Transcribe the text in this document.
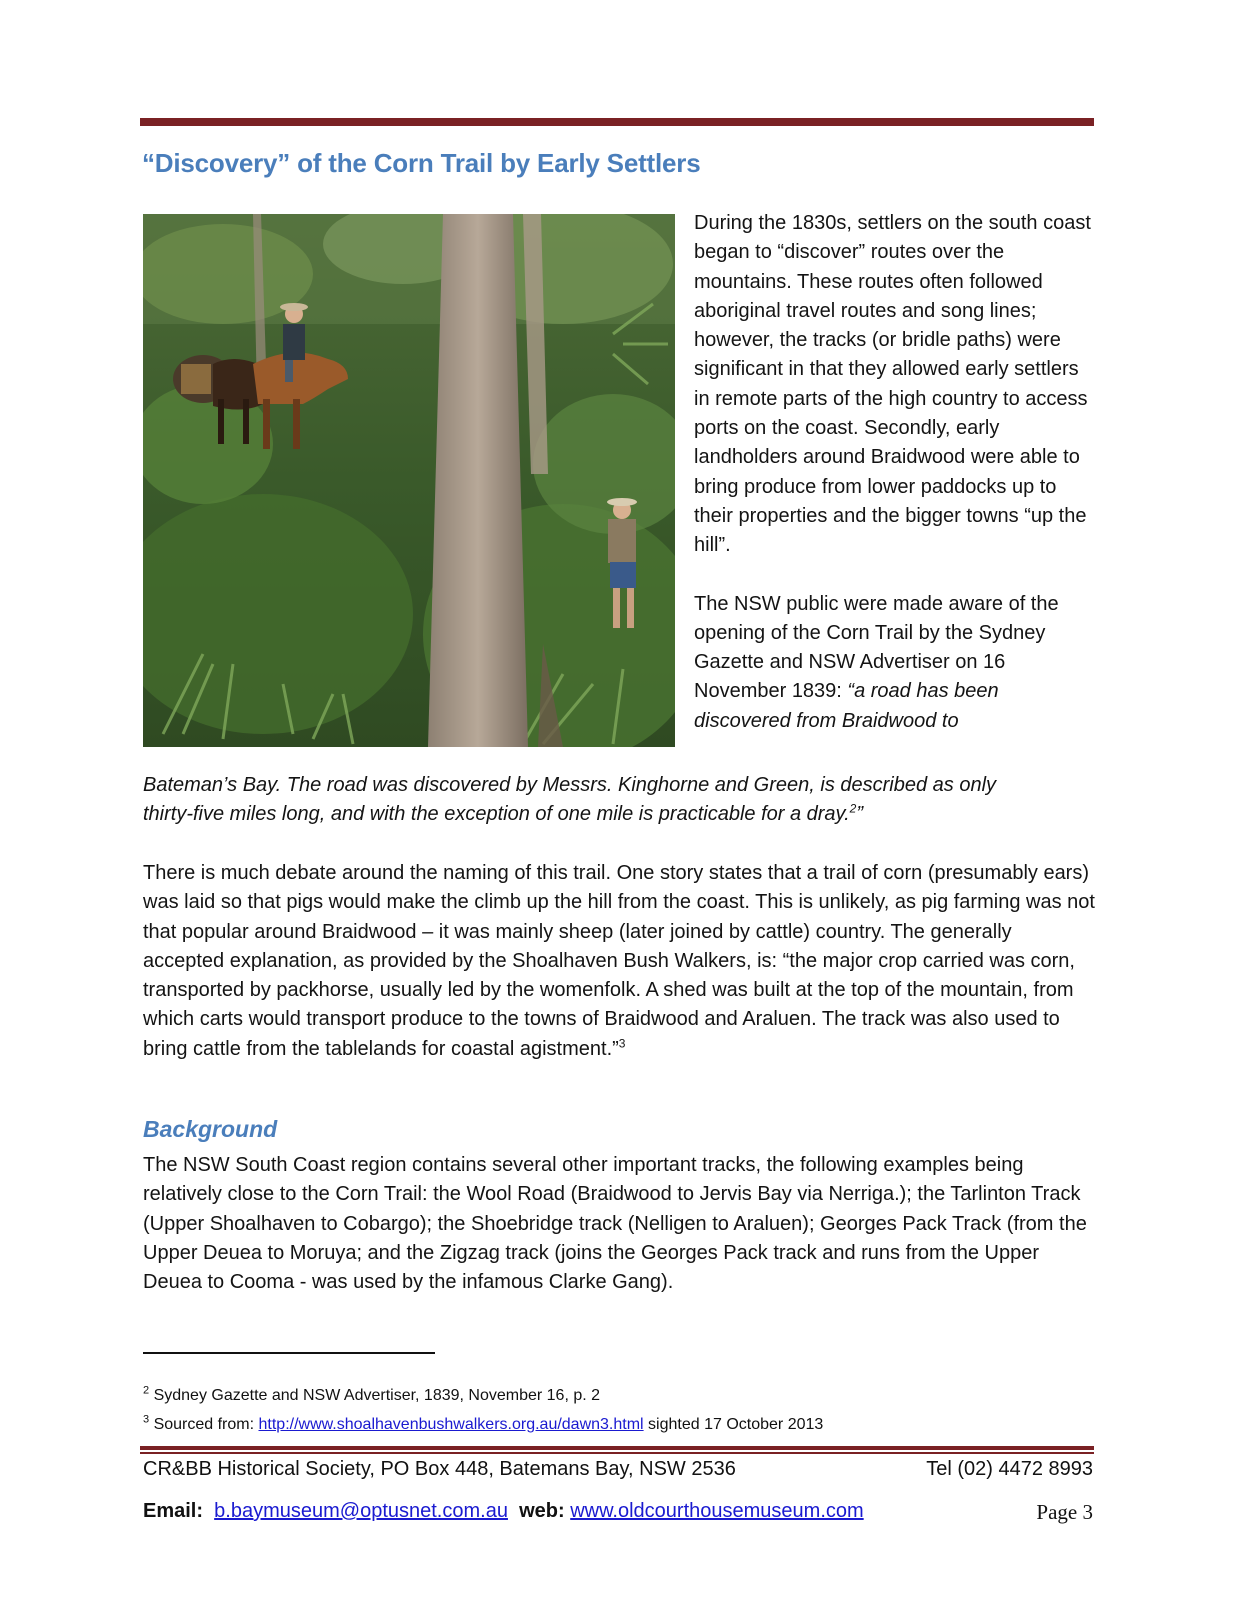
“Discovery” of the Corn Trail by Early Settlers

During the 1830s, settlers on the south coast began to “discover” routes over the mountains. These routes often followed aboriginal travel routes and song lines; however, the tracks (or bridle paths) were significant in that they allowed early settlers in remote parts of the high country to access ports on the coast. Secondly, early landholders around Braidwood were able to bring produce from lower paddocks up to their properties and the bigger towns “up the hill”.

The NSW public were made aware of the opening of the Corn Trail by the Sydney Gazette and NSW Advertiser on 16 November 1839: “a road has been discovered from Braidwood to

Bateman’s Bay. The road was discovered by Messrs. Kinghorne and Green, is described as only
thirty-five miles long, and with the exception of one mile is practicable for a dray.$^2$”

There is much debate around the naming of this trail. One story states that a trail of corn (presumably ears) was laid so that pigs would make the climb up the hill from the coast. This is unlikely, as pig farming was not that popular around Braidwood – it was mainly sheep (later joined by cattle) country. The generally accepted explanation, as provided by the Shoalhaven Bush Walkers, is: “the major crop carried was corn, transported by packhorse, usually led by the womenfolk. A shed was built at the top of the mountain, from which carts would transport produce to the towns of Braidwood and Araluen. The track was also used to bring cattle from the tablelands for coastal agistment.”$^3$

Background

The NSW South Coast region contains several other important tracks, the following examples being relatively close to the Corn Trail: the Wool Road (Braidwood to Jervis Bay via Nerriga.); the Tarlinton Track (Upper Shoalhaven to Cobargo); the Shoebridge track (Nelligen to Araluen); Georges Pack Track (from the Upper Deuea to Moruya; and the Zigzag track (joins the Georges Pack track and runs from the Upper Deuea to Cooma - was used by the infamous Clarke Gang).

$^2$ Sydney Gazette and NSW Advertiser, 1839, November 16, p. 2
$^3$ Sourced from: http://www.shoalhavenbushwalkers.org.au/dawn3.html sighted 17 October 2013
CR&BB Historical Society, PO Box 448, Batemans Bay, NSW 2536	Tel (02) 4472 8993
Email: b.baymuseum@optusnet.com.au web: www.oldcourthousemuseum.com	Page 3
